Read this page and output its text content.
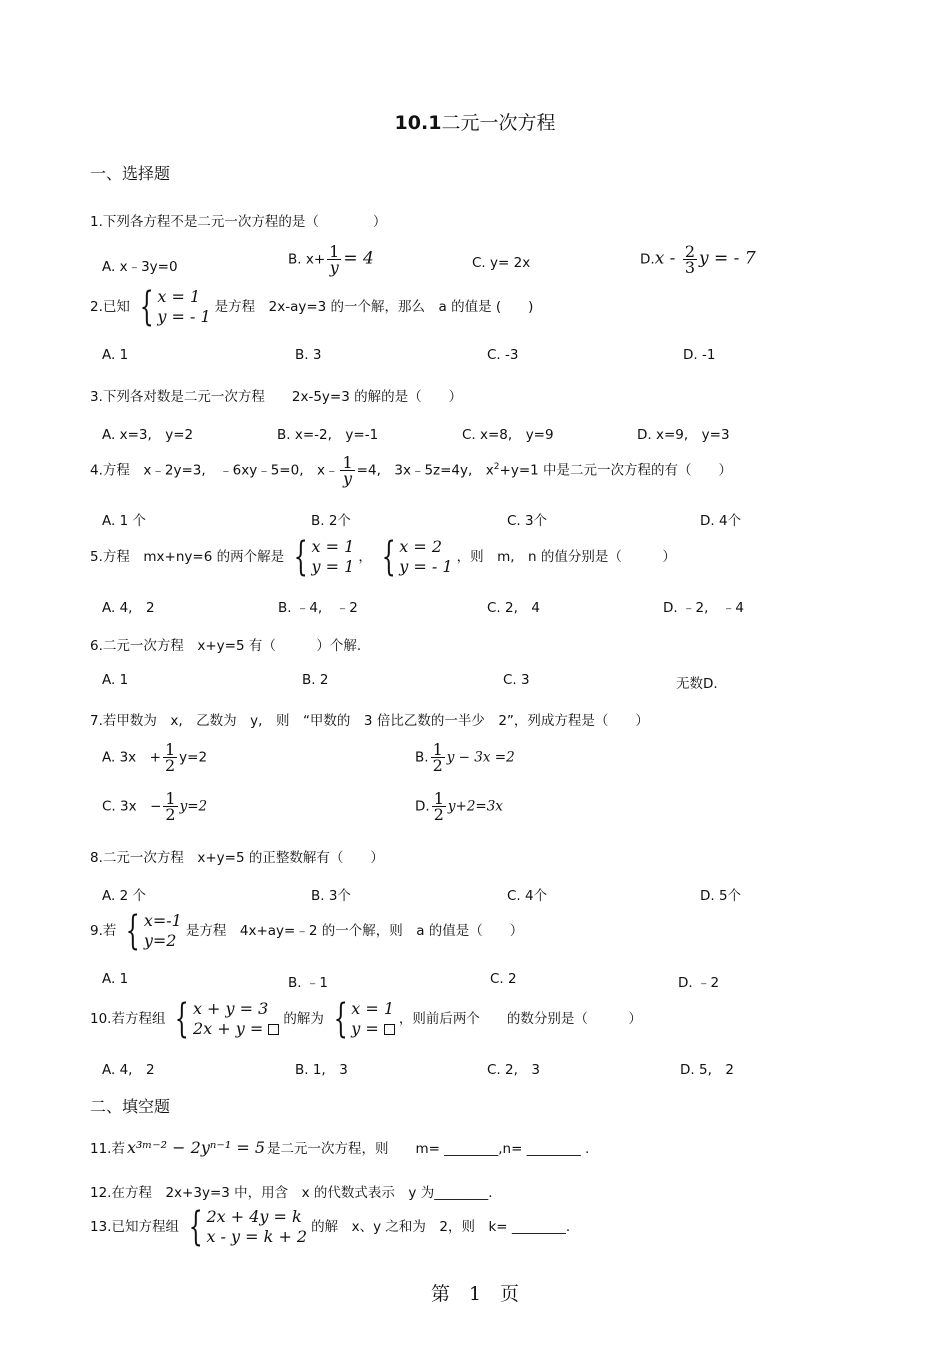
10.1二元一次方程
一、选择题
1.下列各方程不是二元一次方程的是（　　　　）
A. x﹣3y=0	B. $x+ \frac{1}{y} = 4$	C. y= 2x	$D.x - \frac{2}{3}$ y = - 7
2.已知 { x = 1
y = - 1 是方程　2x-ay=3 的一个解，那么　a 的值是 (　　)
A. 1	B. 3	C. -3	D. -1
3.下列各对数是二元一次方程　　2x-5y=3 的解的是（　　）
A. x=3,　y=2	B. x=-2,　y=-1	C. x=8,　y=9	D. x=9,　y=3
4.方程　x﹣2y=3,　﹣6xy﹣5=0,　x﹣ $\frac{1}{y} =4$,　3x﹣5z=4y,　$x^2+y=1$ 中是二元一次方程的有（　　）
A. 1 个	B. 2个	C. 3个	D. 4个
5.方程　mx+ny=6 的两个解是 { x = 1
y = 1 ， { x = 2
y = - 1 ，则　m,　n 的值分别是（　　　）
A. 4,　2	B. ﹣4,　﹣2	C. 2,　4	D. ﹣2,　﹣4
6.二元一次方程　x+y=5 有（　　　）个解.
A. 1	B. 2	C. 3	无数D.
7.若甲数为　x,　乙数为　y,　则　“甲数的　3 倍比乙数的一半少　2”，列成方程是（　　）
A. 3x　+ $\frac{1}{2} y=2$	B. $\frac{1}{2}$ y − 3x =2
C. 3x　− $\frac{1}{2} y=2$	D. $\frac{1}{2} y+2=3x$
8.二元一次方程　x+y=5 的正整数解有（　　）
A. 2 个	B. 3个	C. 4个	D. 5个
9.若 { x=-1
y=2 是方程　4x+ay=﹣2 的一个解，则　a 的值是（　　）
A. 1	B. ﹣1	C. 2	D. ﹣2
10.若方程组 { x + y = 3
2x + y =	的解为 { x = 1
y =	，则前后两个　　的数分别是（　　　）
A. 4,　2	B. 1,　3	C. 2,　3	D. 5,　2
二、填空题
11.若 x³ᵐ⁻² − 2yⁿ⁻¹ = 5 是二元一次方程，则　　m= ________,n= ________ .
12.在方程　2x+3y=3 中，用含　x 的代数式表示　y 为________.
13.已知方程组 { 2x + 4y = k
x - y = k + 2 的解　x、y 之和为　2，则　k= ________.
第　1　页
